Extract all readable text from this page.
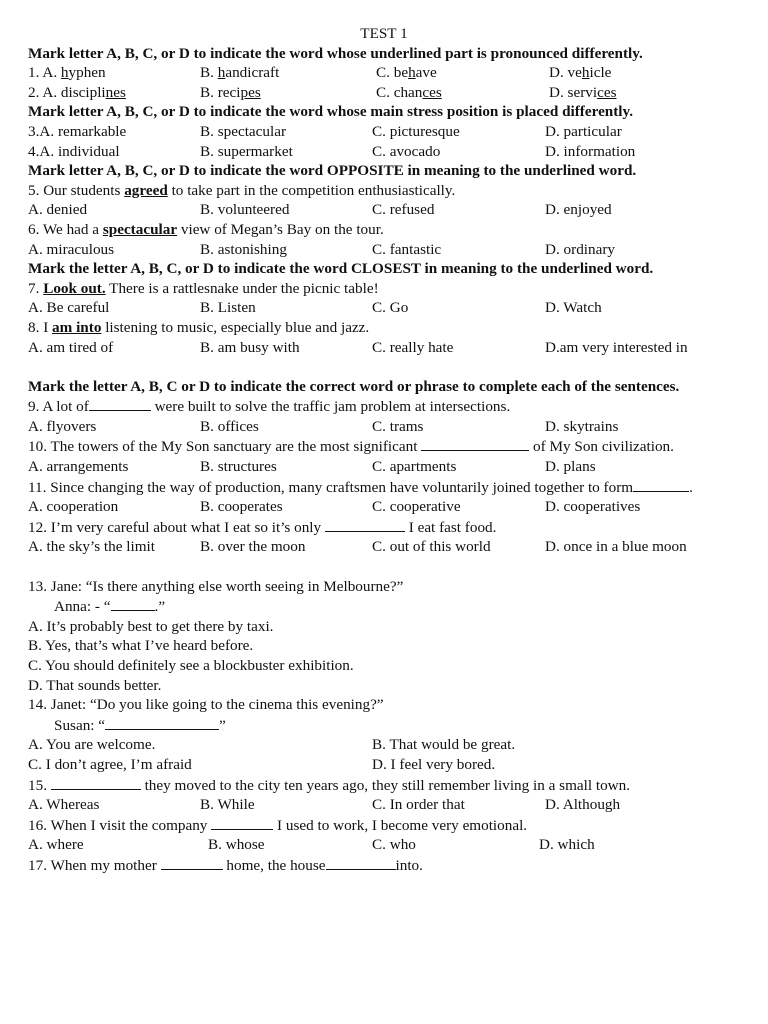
TEST 1
Mark letter A, B, C, or D to indicate the word whose underlined part is pronounced differently.
1. A. hyphen	B. handicraft	C. behave	D. vehicle
2. A. disciplines	B. recipes	C. chances	D. services
Mark letter A, B, C, or D to indicate the word whose main stress position is placed differently.
3.A. remarkable	B. spectacular	C. picturesque	D. particular
4.A. individual	B. supermarket	C. avocado	D. information
Mark letter A, B, C, or D to indicate the word OPPOSITE in meaning to the underlined word.
5. Our students agreed to take part in the competition enthusiastically.
A. denied	B. volunteered	C. refused	D. enjoyed
6. We had a spectacular view of Megan’s Bay on the tour.
A. miraculous	B. astonishing	C. fantastic	D. ordinary
Mark the letter A, B, C, or D to indicate the word CLOSEST in meaning to the underlined word.
7. Look out. There is a rattlesnake under the picnic table!
A. Be careful	B. Listen	C. Go	D. Watch
8. I am into listening to music, especially blue and jazz.
A. am tired of	B. am busy with	C. really hate	D.am very interested in
Mark the letter A, B, C or D to indicate the correct word or phrase to complete each of the sentences.
9. A lot of	were built to solve the traffic jam problem at intersections.
A. flyovers	B. offices	C. trams	D. skytrains
10. The towers of the My Son sanctuary are the most significant	of My Son civilization.
A. arrangements	B. structures	C. apartments	D. plans
11. Since changing the way of production, many craftsmen have voluntarily joined together to form	.
A. cooperation	B. cooperates	C. cooperative	D. cooperatives
12. I’m very careful about what I eat so it’s only	I eat fast food.
A. the sky’s the limit	B. over the moon	C. out of this world	D. once in a blue moon
13. Jane: “Is there anything else worth seeing in Melbourne?”
Anna: - “	.”
A. It’s probably best to get there by taxi.
B. Yes, that’s what I’ve heard before.
C. You should definitely see a blockbuster exhibition.
D. That sounds better.
14. Janet: “Do you like going to the cinema this evening?”
Susan: “	”
A. You are welcome.	B. That would be great.
C. I don’t agree, I’m afraid	D. I feel very bored.
15.	they moved to the city ten years ago, they still remember living in a small town.
A. Whereas	B. While	C. In order that	D. Although
16. When I visit the company	I used to work, I become very emotional.
A. where	B. whose	C. who	D. which
17. When my mother	home, the house	into.
